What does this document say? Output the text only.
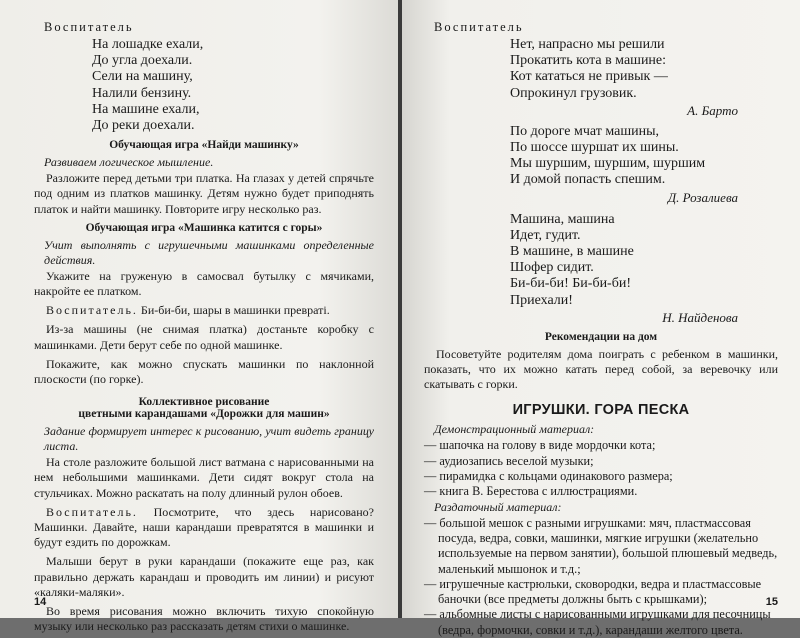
Воспитатель
На лошадке ехали,
До угла доехали.
Сели на машину,
Налили бензину.
На машине ехали,
До реки доехали.
Обучающая игра «Найди машинку»
Развиваем логическое мышление.

Разложите перед детьми три платка. На глазах у детей спрячьте под одним из платков машинку. Детям нужно будет приподнять платок и найти машинку. Повторите игру несколько раз.

Обучающая игра «Машинка катится с горы»
Учит выполнять с игрушечными машинками определенные действия.

Укажите на груженую в самосвал бутылку с мячиками, накройте ее платком.

Воспитатель. Би-би-би, шары в машинки превратi.

Из-за машины (не снимая платка) достаньте коробку с машинками. Дети берут себе по одной машинке.

Покажите, как можно спускать машинки по наклонной плоскости (по горке).

Коллективное рисование
цветными карандашами «Дорожки для машин»
Задание формирует интерес к рисованию, учит видеть границу листа.

На столе разложите большой лист ватмана с нарисованными на нем небольшими машинками. Дети сидят вокруг стола на стульчиках. Можно раскатать на полу длинный рулон обоев.

Воспитатель. Посмотрите, что здесь нарисовано? Машинки. Давайте, наши карандаши превратятся в машинки и будут ездить по дорожкам.

Малыши берут в руки карандаши (покажите еще раз, как правильно держать карандаш и проводить им линии) и рисуют «каляки-маляки».

Во время рисования можно включить тихую спокойную музыку или несколько раз рассказать детям стихи о машинке.

14
Воспитатель
Нет, напрасно мы решили
Прокатить кота в машине:
Кот кататься не привык —
Опрокинул грузовик.
А. Барто
По дороге мчат машины,
По шоссе шуршат их шины.
Мы шуршим, шуршим, шуршим
И домой попасть спешим.
Д. Розалиева
Машина, машина
Идет, гудит.
В машине, в машине
Шофер сидит.
Би-би-би! Би-би-би!
Приехали!
Н. Найденова
Рекомендации на дом

Посоветуйте родителям дома поиграть с ребенком в машинки, показать, что их можно катать перед собой, за веревочку или скатывать с горки.

ИГРУШКИ. ГОРА ПЕСКА
Демонстрационный материал:
— шапочка на голову в виде мордочки кота;
— аудиозапись веселой музыки;
— пирамидка с кольцами одинакового размера;
— книга В. Берестова с иллюстрациями.
Раздаточный материал:
— большой мешок с разными игрушками: мяч, пластмассовая посуда, ведра, совки, машинки, мягкие игрушки (желательно используемые на первом занятии), большой плюшевый медведь, маленький мышонок и т.д.;
— игрушечные кастрюльки, сковородки, ведра и пластмассовые баночки (все предметы должны быть с крышками);
— альбомные листы с нарисованными игрушками для песочницы (ведра, формочки, совки и т.д.), карандаши желтого цвета.
15
